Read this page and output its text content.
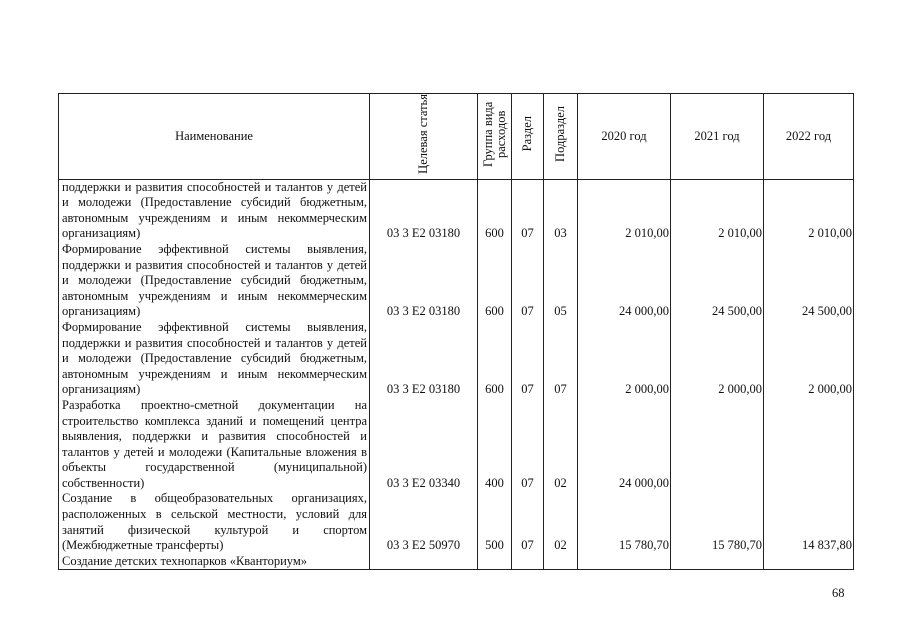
Наименование	Целевая статья	Группа вида расходов	Раздел	Подраздел	2020 год	2021 год	2022 год

поддержки и развития способностей и талантов у детей и молодежи (Предоставление субсидий бюджетным, автономным учреждениям и иным некоммерческим организациям)	03 3 Е2 03180	600	07	03	2 010,00	2 010,00	2 010,00

Формирование эффективной системы выявления, поддержки и развития способностей и талантов у детей и молодежи (Предоставление субсидий бюджетным, автономным учреждениям и иным некоммерческим организациям)	03 3 Е2 03180	600	07	05	24 000,00	24 500,00	24 500,00

Формирование эффективной системы выявления, поддержки и развития способностей и талантов у детей и молодежи (Предоставление субсидий бюджетным, автономным учреждениям и иным некоммерческим организациям)	03 3 Е2 03180	600	07	07	2 000,00	2 000,00	2 000,00

Разработка проектно-сметной документации на строительство комплекса зданий и помещений центра выявления, поддержки и развития способностей и талантов у детей и молодежи (Капитальные вложения в объекты государственной (муниципальной) собственности)	03 3 Е2 03340	400	07	02	24 000,00		

Создание в общеобразовательных организациях, расположенных в сельской местности, условий для занятий физической культурой и спортом (Межбюджетные трансферты)	03 3 Е2 50970	500	07	02	15 780,70	15 780,70	14 837,80

Создание детских технопарков «Кванториум»							

68
